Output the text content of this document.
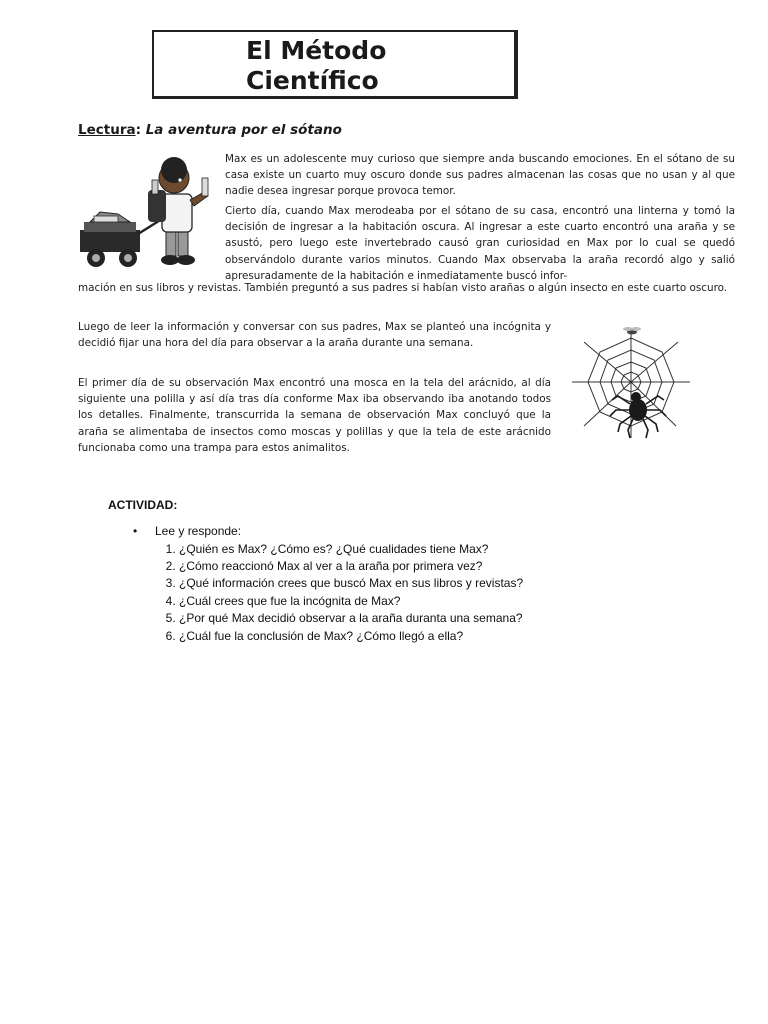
El Método
Científico
Lectura: La aventura por el sótano

Max es un adolescente muy curioso que siempre anda buscando emociones. En el sótano de su casa existe un cuarto muy oscuro donde sus padres almacenan las cosas que no usan y al que nadie desea ingresar porque provoca temor.

Cierto día, cuando Max merodeaba por el sótano de su casa, encontró una linterna y tomó la decisión de ingresar a la habitación oscura. Al ingresar a este cuarto encontró una araña y se asustó, pero luego este invertebrado causó gran curiosidad en Max por lo cual se quedó observándolo durante varios minutos. Cuando Max observaba la araña recordó algo y salió apresuradamente de la habitación e inmediatamente buscó infor-

mación en sus libros y revistas. También preguntó a sus padres si habían visto arañas o algún insecto en este cuarto oscuro.

Luego de leer la información y conversar con sus padres, Max se planteó una incógnita y decidió fijar una hora del día para observar a la araña durante una semana.

El primer día de su observación Max encontró una mosca en la tela del arácnido, al día siguiente una polilla y así día tras día conforme Max iba observando iba anotando todos los detalles. Finalmente, transcurrida la semana de observación Max concluyó que la araña se alimentaba de insectos como moscas y polillas y que la tela de este arácnido funcionaba como una trampa para estos animalitos.

ACTIVIDAD:

• Lee y responde:
1. ¿Quién es Max? ¿Cómo es? ¿Qué cualidades tiene Max?
2. ¿Cómo reaccionó Max al ver a la araña por primera vez?
3. ¿Qué información crees que buscó Max en sus libros y revistas?
4. ¿Cuál crees que fue la incógnita de Max?
5. ¿Por qué Max decidió observar a la araña duranta una semana?
6. ¿Cuál fue la conclusión de Max? ¿Cómo llegó a ella?
